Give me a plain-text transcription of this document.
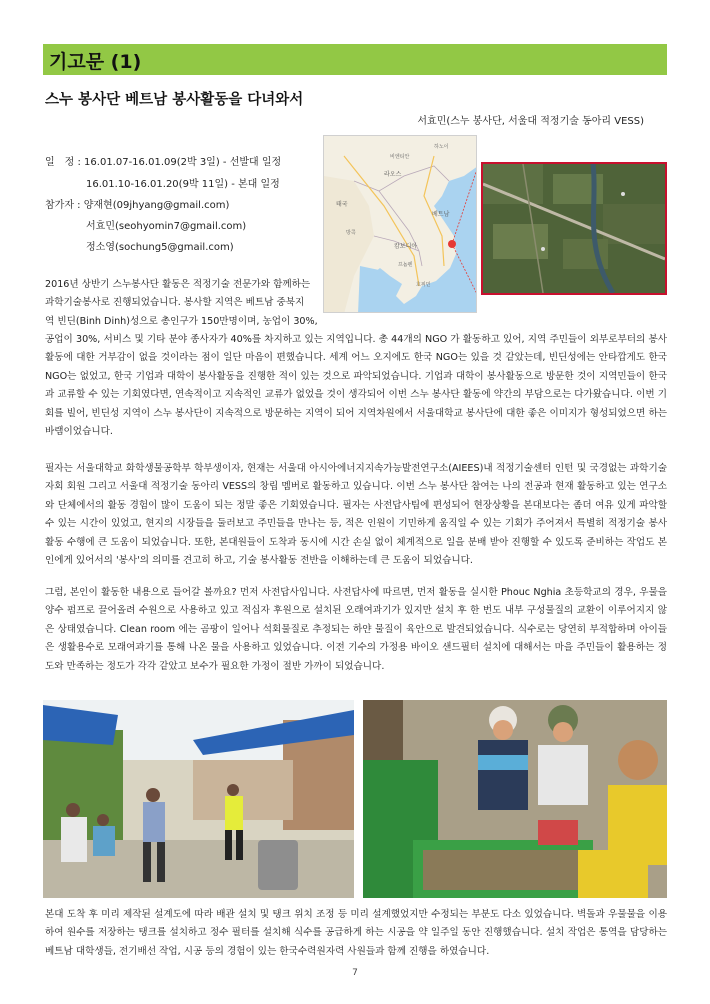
기고문 (1)
스누 봉사단 베트남 봉사활동을 다녀와서
서효민(스누 봉사단, 서울대 적정기술 동아리 VESS)
일　정 : 16.01.07-16.01.09(2박 3일) - 선발대 일정
16.01.10-16.01.20(9박 11일) - 본대 일정
참가자 : 양재현(09jhyang@gmail.com)
서효민(seohyomin7@gmail.com)
정소영(sochung5@gmail.com)
라오스
태국
캄보디아
베트남
방콕
프놈펜
호찌민
비엔티안
하노이
2016년 상반기 스누봉사단 활동은 적정기술 전문가와 함께하는
과학기술봉사로 진행되었습니다. 봉사할 지역은 베트남 중북지
역 빈딘(Binh Dinh)성으로 총인구가 150만명이며, 농업이 30%,

공업이 30%, 서비스 및 기타 분야 종사자가 40%를 차지하고 있는 지역입니다. 총 44개의 NGO 가 활동하고 있어, 지역 주민들이 외부로부터의 봉사활동에 대한 거부감이 없을 것이라는 점이 일단 마음이 편했습니다. 세계 어느 오지에도 한국 NGO는 있을 것 같았는데, 빈딘성에는 안타깝게도 한국 NGO는 없었고, 한국 기업과 대학이 봉사활동을 진행한 적이 있는 것으로 파악되었습니다. 기업과 대학이 봉사활동으로 방문한 것이 지역민들이 한국과 교류할 수 있는 기회였다면, 연속적이고 지속적인 교류가 없었을 것이 생각되어 이번 스누 봉사단 활동에 약간의 부담으로는 다가왔습니다. 이번 기회를 빌어, 빈딘성 지역이 스누 봉사단이 지속적으로 방문하는 지역이 되어 지역차원에서 서울대학교 봉사단에 대한 좋은 이미지가 형성되었으면 하는 바램이었습니다.

필자는 서울대학교 화학생물공학부 학부생이자, 현재는 서울대 아시아에너지지속가능발전연구소(AIEES)내 적정기술센터 인턴 및 국경없는 과학기술자회 회원 그리고 서울대 적정기술 동아리 VESS의 창립 멤버로 활동하고 있습니다. 이번 스누 봉사단 참여는 나의 전공과 현재 활동하고 있는 연구소와 단체에서의 활동 경험이 많이 도움이 되는 정말 좋은 기회였습니다. 필자는 사전답사팀에 편성되어 현장상황을 본대보다는 좀더 여유 있게 파악할 수 있는 시간이 있었고, 현지의 시장들을 둘러보고 주민들을 만나는 등, 적은 인원이 기민하게 움직일 수 있는 기회가 주어져서 특별히 적정기술 봉사활동 수행에 큰 도움이 되었습니다. 또한, 본대원들이 도착과 동시에 시간 손실 없이 체계적으로 일을 분배 받아 진행할 수 있도록 준비하는 작업도 본인에게 있어서의 '봉사'의 의미를 견고히 하고, 기술 봉사활동 전반을 이해하는데 큰 도움이 되었습니다.

그럼, 본인이 활동한 내용으로 들어갈 볼까요? 먼저 사전답사입니다. 사전답사에 따르면, 먼저 활동을 실시한 Phouc Nghia 초등학교의 경우, 우물을 양수 펌프로 끌어올려 수원으로 사용하고 있고 적십자 후원으로 설치된 오래여과기가 있지만 설치 후 한 번도 내부 구성물질의 교환이 이루어지지 않은 상태였습니다. Clean room 에는 곰팡이 일어나 석회물질로 추정되는 하얀 물질이 육안으로 발견되었습니다. 식수로는 당연히 부적합하며 아이들은 생활용수로 모래여과기를 통해 나온 물을 사용하고 있었습니다. 이전 기수의 가정용 바이오 샌드필터 설치에 대해서는 마을 주민들이 활용하는 정도와 만족하는 정도가 각각 같았고 보수가 필요한 가정이 절반 가까이 되었습니다.

본대 도착 후 미리 제작된 설계도에 따라 배관 설치 및 탱크 위치 조정 등 미리 설계했었지만 수정되는 부분도 다소 있었습니다. 벽돌과 우물물을 이용하여 원수를 저장하는 탱크를 설치하고 정수 필터를 설치해 식수를 공급하게 하는 시공을 약 일주일 동안 진행했습니다. 설치 작업은 통역을 담당하는 베트남 대학생들, 전기배선 작업, 시공 등의 경험이 있는 한국수력원자력 사원들과 함께 진행을 하였습니다.
7
